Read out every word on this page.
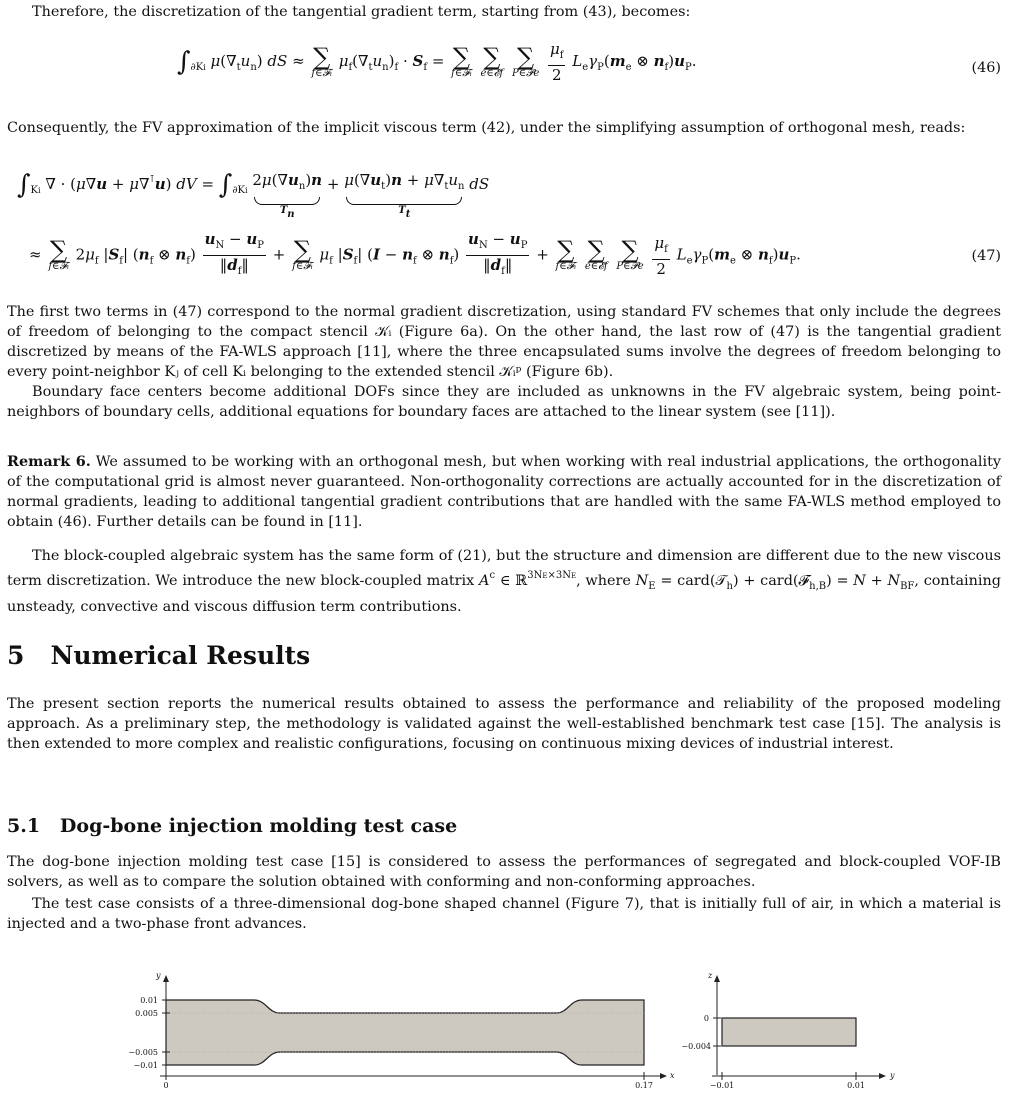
Therefore, the discretization of the tangential gradient term, starting from (43), becomes:

$\int_{\partial Ki}$ $\mu(\nabla_tu_n)$ dS ≈ ∑
f∈𝓕ᵢ
$\mu_f(\nabla_tu_n)_f \cdot S_f$ = ∑
f∈𝓕ᵢ

∑
e∈𝓔f

∑
P∈𝓟e
$\frac{\mu_f}{2} L_e\gamma_P(m_e$ ⊗ $n_f)u_P$.	(46)

Consequently, the FV approximation of the implicit viscous term (42), under the simplifying assumption of orthogonal mesh, reads:

$\int_{Ki}$ ∇ · (μ∇u + μ∇⊺u) dV = $\int_{\partial Ki}$
$2\mu(\nabla u_n)n$
Tn
+ $\mu(\nabla u_t)n + \mu\nabla_tu_n$
Tt
dS
(47)
≈ ∑
f∈𝓕ᵢ
$2\mu_f$ $|S_f|$ ($n_f$ ⊗ $n_f) \frac{u_N - u_P}{‖d_f‖}$ + ∑
f∈𝓕ᵢ
$\mu_f$ $|S_f|$ ($I - n_f$ ⊗ $n_f) \frac{u_N - u_P}{‖d_f‖}$ + ∑
f∈𝓕ᵢ

∑
e∈𝓔f

∑
P∈𝓟e
$\frac{\mu_f}{2} L_e\gamma_P(m_e$ ⊗ $n_f)u_P$.

The first two terms in (47) correspond to the normal gradient discretization, using standard FV schemes that only include the degrees of freedom of belonging to the compact stencil 𝒦ᵢ (Figure 6a). On the other hand, the last row of (47) is the tangential gradient discretized by means of the FA-WLS approach [11], where the three encapsulated sums involve the degrees of freedom belonging to every point-neighbor Kⱼ of cell Kᵢ belonging to the extended stencil 𝒦ᵢᵖ (Figure 6b).

Boundary face centers become additional DOFs since they are included as unknowns in the FV algebraic system, being point-neighbors of boundary cells, additional equations for boundary faces are attached to the linear system (see [11]).

Remark 6. We assumed to be working with an orthogonal mesh, but when working with real industrial applications, the orthogonality of the computational grid is almost never guaranteed. Non-orthogonality corrections are actually accounted for in the discretization of normal gradients, leading to additional tangential gradient contributions that are handled with the same FA-WLS method employed to obtain (46). Further details can be found in [11].

The block-coupled algebraic system has the same form of (21), but the structure and dimension are different due to the new viscous term discretization. We introduce the new block-coupled matrix $A^c$ ∈ ℝ$^{3NE\times 3NE}$, where $N_E$ = card(𝒯$_h$) + card(𝓕$_{h,B}$) = $N + N_{BF}$, containing unsteady, convective and viscous diffusion term contributions.

5 Numerical Results

The present section reports the numerical results obtained to assess the performance and reliability of the proposed modeling approach. As a preliminary step, the methodology is validated against the well-established benchmark test case [15]. The analysis is then extended to more complex and realistic configurations, focusing on continuous mixing devices of industrial interest.

5.1 Dog-bone injection molding test case

The dog-bone injection molding test case [15] is considered to assess the performances of segregated and block-coupled VOF-IB solvers, as well as to compare the solution obtained with conforming and non-conforming approaches.

The test case consists of a three-dimensional dog-bone shaped channel (Figure 7), that is initially full of air, in which a material is injected and a two-phase front advances.

y
x
0.01
0.005
−0.005
−0.01
0	0.17
z
y
0
−0.004
−0.01	0.01
